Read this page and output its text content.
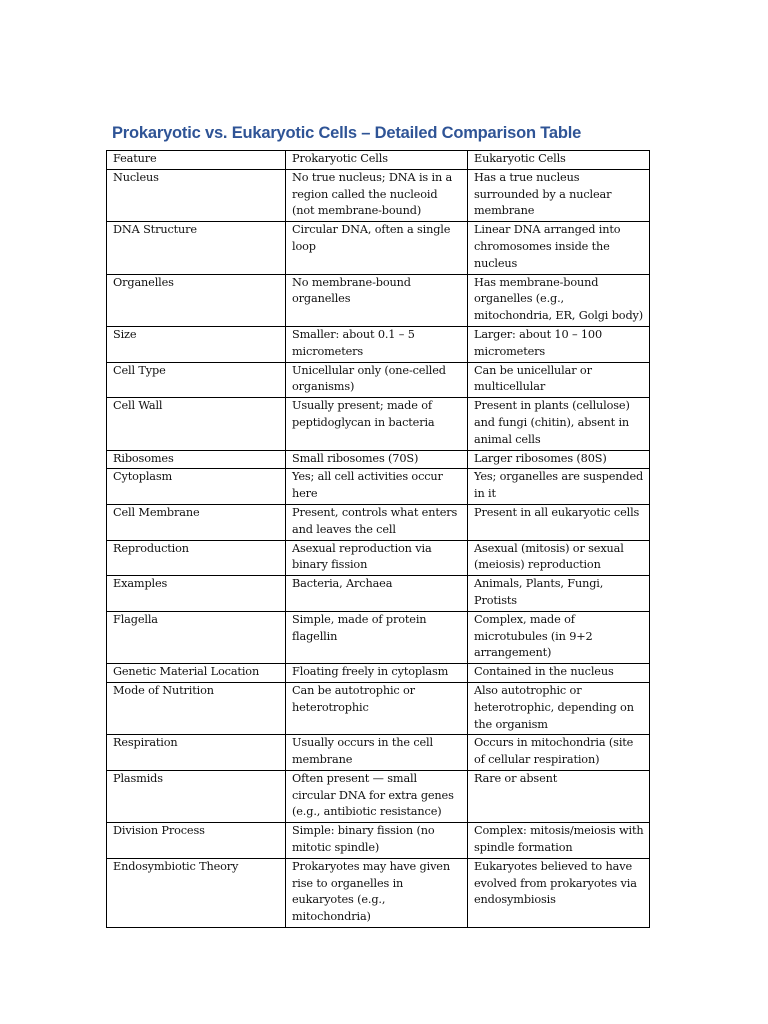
Prokaryotic vs. Eukaryotic Cells – Detailed Comparison Table
Feature	Prokaryotic Cells	Eukaryotic Cells
Nucleus	No true nucleus; DNA is in a region called the nucleoid (not membrane-bound)	Has a true nucleus surrounded by a nuclear membrane
DNA Structure	Circular DNA, often a single loop	Linear DNA arranged into chromosomes inside the nucleus
Organelles	No membrane-bound organelles	Has membrane-bound organelles (e.g., mitochondria, ER, Golgi body)
Size	Smaller: about 0.1 – 5 micrometers	Larger: about 10 – 100 micrometers
Cell Type	Unicellular only (one-celled organisms)	Can be unicellular or multicellular
Cell Wall	Usually present; made of peptidoglycan in bacteria	Present in plants (cellulose) and fungi (chitin), absent in animal cells
Ribosomes	Small ribosomes (70S)	Larger ribosomes (80S)
Cytoplasm	Yes; all cell activities occur here	Yes; organelles are suspended in it
Cell Membrane	Present, controls what enters and leaves the cell	Present in all eukaryotic cells
Reproduction	Asexual reproduction via binary fission	Asexual (mitosis) or sexual (meiosis) reproduction
Examples	Bacteria, Archaea	Animals, Plants, Fungi, Protists
Flagella	Simple, made of protein flagellin	Complex, made of microtubules (in 9+2 arrangement)
Genetic Material Location	Floating freely in cytoplasm	Contained in the nucleus
Mode of Nutrition	Can be autotrophic or heterotrophic	Also autotrophic or heterotrophic, depending on the organism
Respiration	Usually occurs in the cell membrane	Occurs in mitochondria (site of cellular respiration)
Plasmids	Often present — small circular DNA for extra genes (e.g., antibiotic resistance)	Rare or absent
Division Process	Simple: binary fission (no mitotic spindle)	Complex: mitosis/meiosis with spindle formation
Endosymbiotic Theory	Prokaryotes may have given rise to organelles in eukaryotes (e.g., mitochondria)	Eukaryotes believed to have evolved from prokaryotes via endosymbiosis
